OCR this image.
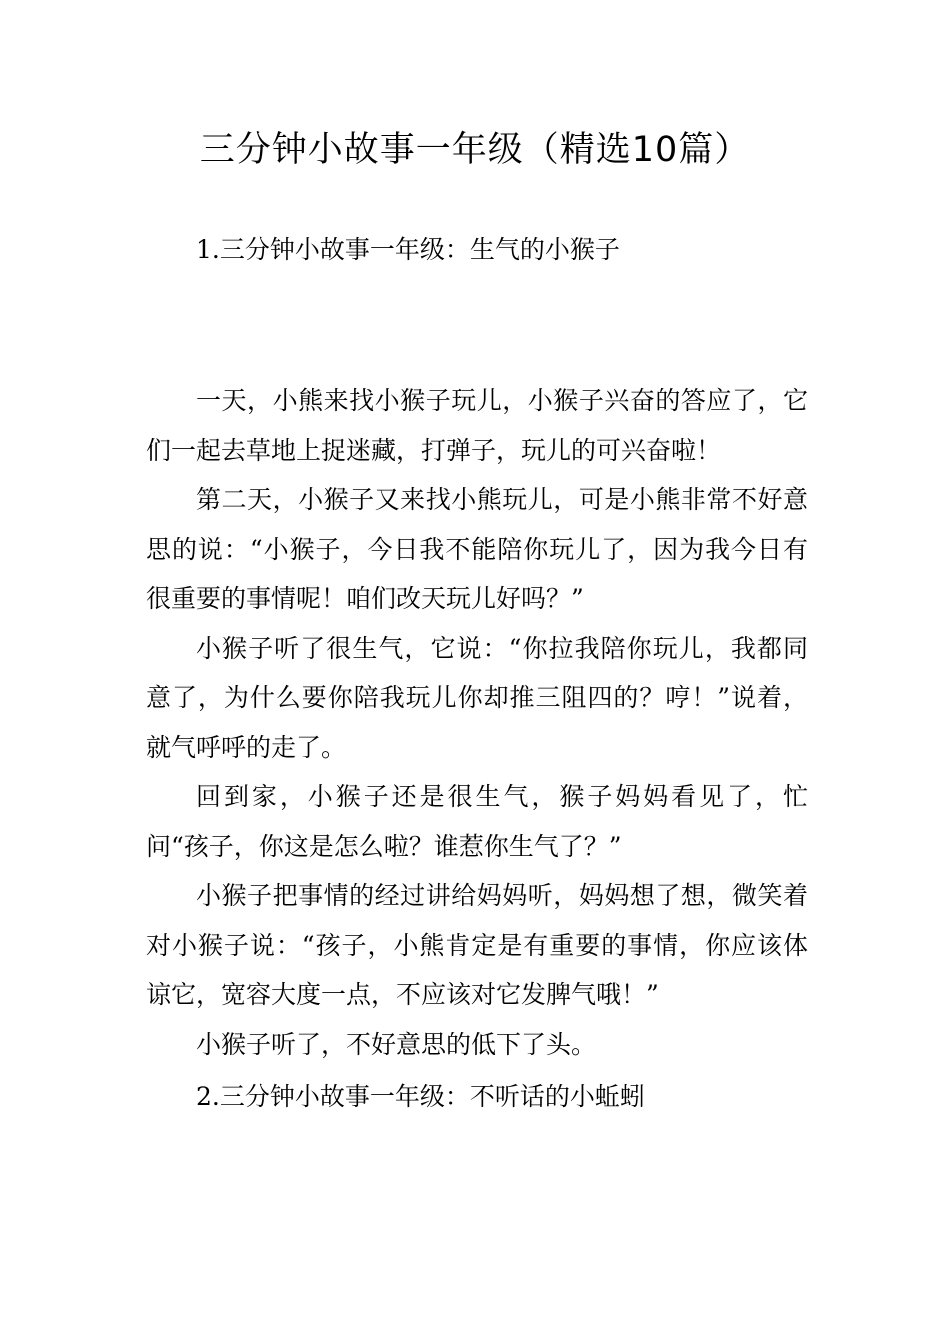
三分钟小故事一年级（精选10篇）
1.三分钟小故事一年级：生气的小猴子

一天，小熊来找小猴子玩儿，小猴子兴奋的答应了，它们一起去草地上捉迷藏，打弹子，玩儿的可兴奋啦！

第二天，小猴子又来找小熊玩儿，可是小熊非常不好意思的说：“小猴子，今日我不能陪你玩儿了，因为我今日有很重要的事情呢！咱们改天玩儿好吗？”

小猴子听了很生气，它说：“你拉我陪你玩儿，我都同意了，为什么要你陪我玩儿你却推三阻四的？哼！”说着，就气呼呼的走了。

回到家，小猴子还是很生气，猴子妈妈看见了，忙问“孩子，你这是怎么啦？谁惹你生气了？”

小猴子把事情的经过讲给妈妈听，妈妈想了想，微笑着对小猴子说：“孩子，小熊肯定是有重要的事情，你应该体谅它，宽容大度一点，不应该对它发脾气哦！”

小猴子听了，不好意思的低下了头。

2.三分钟小故事一年级：不听话的小蚯蚓
